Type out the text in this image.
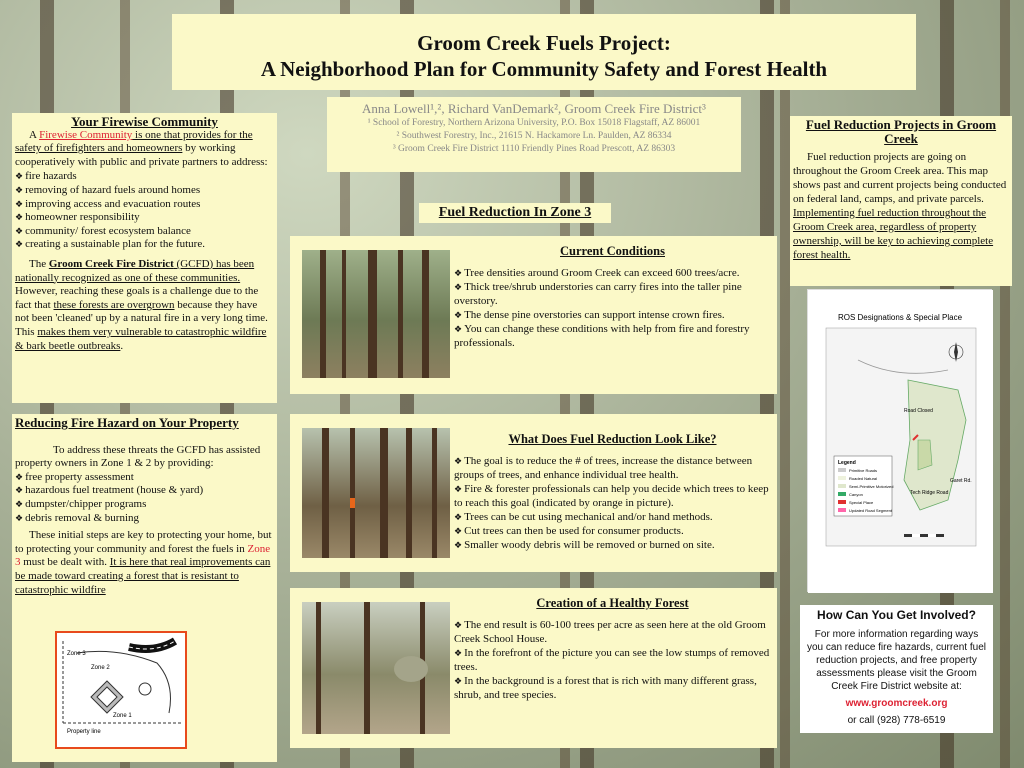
Groom Creek Fuels Project:
A Neighborhood Plan for Community Safety and Forest Health
Anna Lowell¹,², Richard VanDemark², Groom Creek Fire District³
¹ School of Forestry, Northern Arizona University, P.O. Box 15018 Flagstaff, AZ 86001
² Southwest Forestry, Inc., 21615 N. Hackamore Ln. Paulden, AZ 86334
³ Groom Creek Fire District 1110 Friendly Pines Road Prescott, AZ 86303
Your Firewise Community

A Firewise Community is one that provides for the safety of firefighters and homeowners by working cooperatively with public and private partners to address:

❖ fire hazards
❖ removing of hazard fuels around homes
❖ improving access and evacuation routes
❖ homeowner responsibility
❖ community/ forest ecosystem balance
❖ creating a sustainable plan for the future.

The Groom Creek Fire District (GCFD) has been nationally recognized as one of these communities. However, reaching these goals is a challenge due to the fact that these forests are overgrown because they have not been 'cleaned' up by a natural fire in a very long time. This makes them very vulnerable to catastrophic wildfire & bark beetle outbreaks.

Reducing Fire Hazard on Your Property

To address these threats the GCFD has assisted property owners in Zone 1 & 2 by providing:

❖ free property assessment
❖ hazardous fuel treatment (house & yard)
❖ dumpster/chipper programs
❖ debris removal & burning

These initial steps are key to protecting your home, but to protecting your community and forest the fuels in Zone 3 must be dealt with. It is here that real improvements can be made toward creating a forest that is resistant to catastrophic wildfire

Zone 3
Zone 2
Zone 1
Property line
Fuel Reduction In Zone 3
Current Conditions
❖ Tree densities around Groom Creek can exceed 600 trees/acre.
❖ Thick tree/shrub understories can carry fires into the taller pine overstory.
❖ The dense pine overstories can support intense crown fires.
❖ You can change these conditions with help from fire and forestry professionals.
What Does Fuel Reduction Look Like?
❖ The goal is to reduce the # of trees, increase the distance between groups of trees, and enhance individual tree health.
❖ Fire & forester professionals can help you decide which trees to keep to reach this goal (indicated by orange in picture).
❖ Trees can be cut using mechanical and/or hand methods.
❖ Cut trees can then be used for consumer products.
❖ Smaller woody debris will be removed or burned on site.
Creation of a Healthy Forest
❖ The end result is 60-100 trees per acre as seen here at the old Groom Creek School House.
❖ In the forefront of the picture you can see the low stumps of removed trees.
❖ In the background is a forest that is rich with many different grass, shrub, and tree species.
Fuel Reduction Projects in Groom Creek

Fuel reduction projects are going on throughout the Groom Creek area. This map shows past and current projects being conducted on federal land, camps, and private parcels. Implementing fuel reduction throughout the Groom Creek area, regardless of property ownership, will be key to achieving complete forest health.

ROS Designations & Special Place
Road Closed
Garet Rd.
Tech Ridge Road
Legend
Primitive Roads
Roaded Natural
Semi-Primitive Motorized
Canyon
Special Place
Updated Road Segment
How Can You Get Involved?
For more information regarding ways you can reduce fire hazards, current fuel reduction projects, and free property assessments please visit the Groom Creek Fire District website at:
www.groomcreek.org
or call (928) 778-6519
